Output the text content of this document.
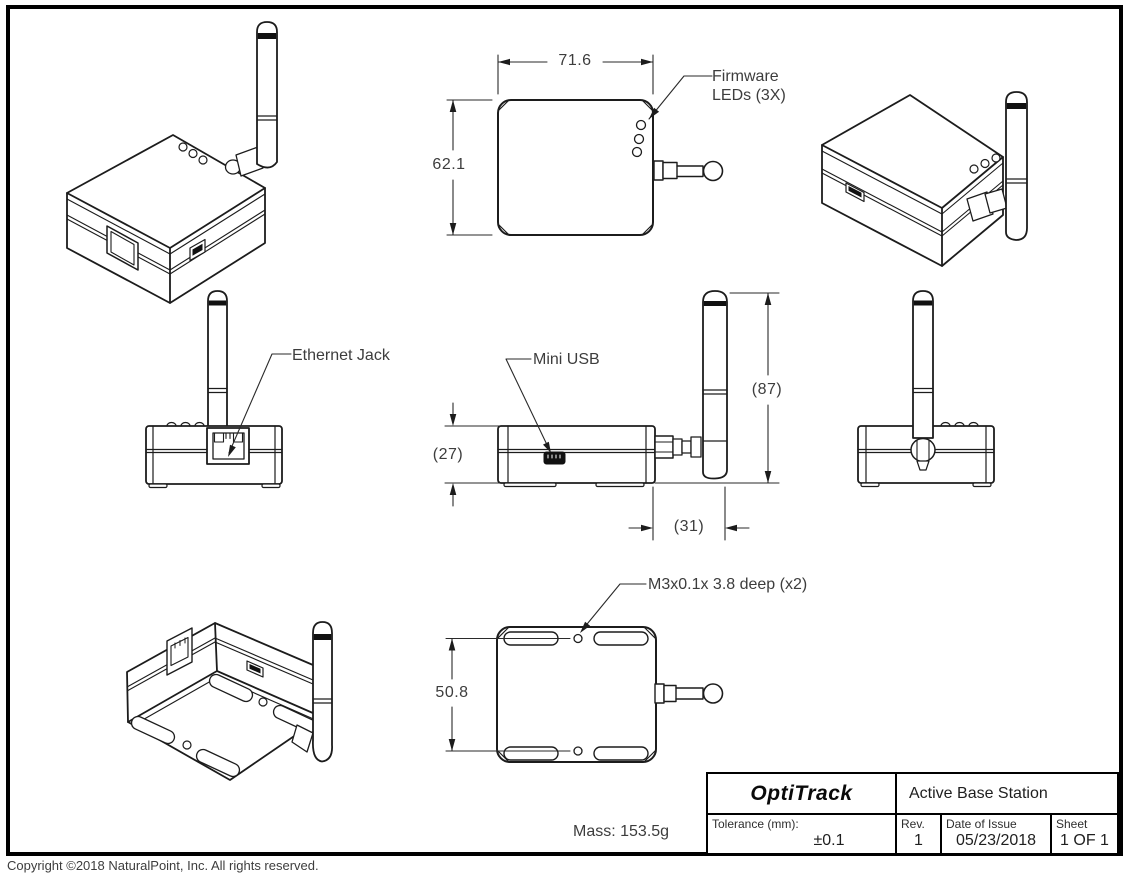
71.6
62.1
(27)
(87)
(31)
50.8
Firmware
LEDs (3X)
Ethernet Jack	Mini USB
M3x0.1x 3.8 deep (x2)
Mass: 153.5g
Copyright ©2018 NaturalPoint, Inc. All rights reserved.
OptiTrack	Active Base Station
Tolerance (mm):
±0.1
Rev.
1
Date of Issue
05/23/2018
Sheet
1 OF 1
